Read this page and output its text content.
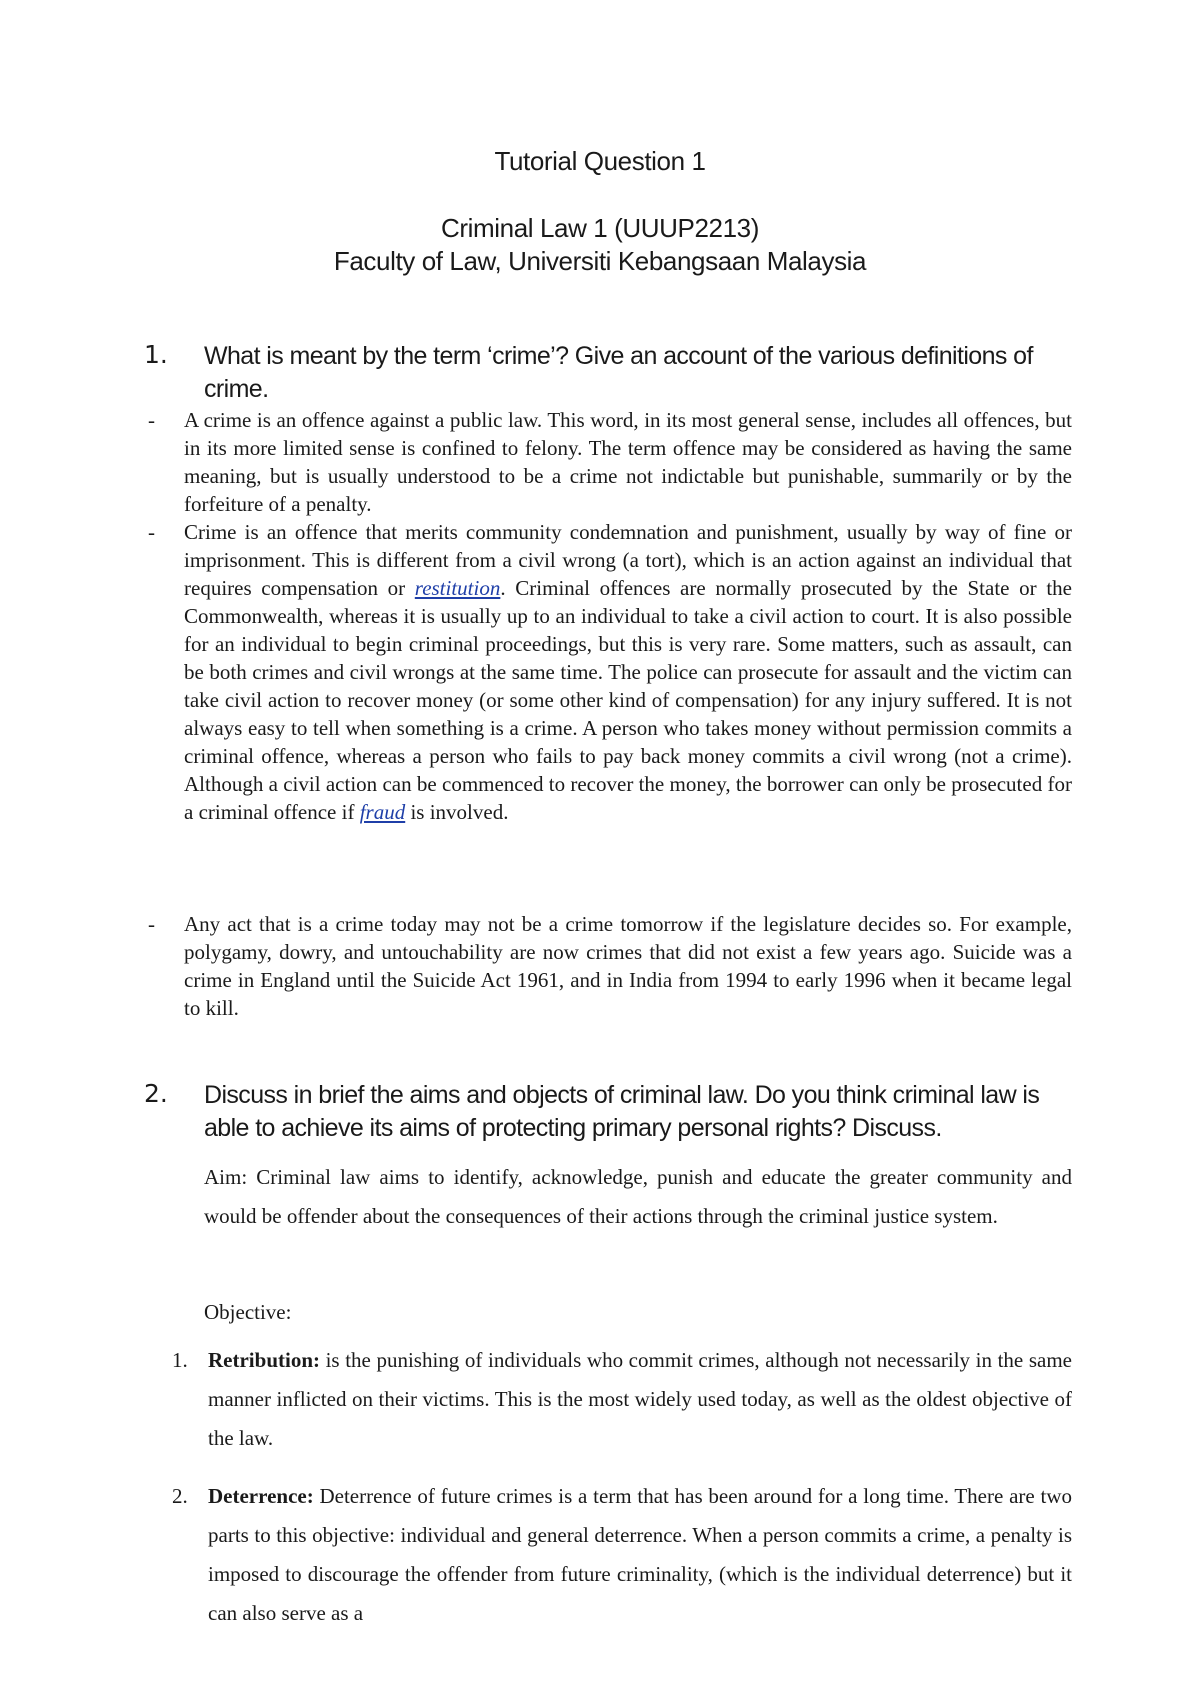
Tutorial Question 1
Criminal Law 1 (UUUP2213)
Faculty of Law, Universiti Kebangsaan Malaysia
1. What is meant by the term ‘crime’? Give an account of the various definitions of crime.
- A crime is an offence against a public law. This word, in its most general sense, includes all offences, but in its more limited sense is confined to felony. The term offence may be considered as having the same meaning, but is usually understood to be a crime not indictable but punishable, summarily or by the forfeiture of a penalty.
- Crime is an offence that merits community condemnation and punishment, usually by way of fine or imprisonment. This is different from a civil wrong (a tort), which is an action against an individual that requires compensation or restitution. Criminal offences are normally prosecuted by the State or the Commonwealth, whereas it is usually up to an individual to take a civil action to court. It is also possible for an individual to begin criminal proceedings, but this is very rare. Some matters, such as assault, can be both crimes and civil wrongs at the same time. The police can prosecute for assault and the victim can take civil action to recover money (or some other kind of compensation) for any injury suffered. It is not always easy to tell when something is a crime. A person who takes money without permission commits a criminal offence, whereas a person who fails to pay back money commits a civil wrong (not a crime). Although a civil action can be commenced to recover the money, the borrower can only be prosecuted for a criminal offence if fraud is involved.
- Any act that is a crime today may not be a crime tomorrow if the legislature decides so. For example, polygamy, dowry, and untouchability are now crimes that did not exist a few years ago. Suicide was a crime in England until the Suicide Act 1961, and in India from 1994 to early 1996 when it became legal to kill.
2. Discuss in brief the aims and objects of criminal law. Do you think criminal law is able to achieve its aims of protecting primary personal rights? Discuss.
Aim: Criminal law aims to identify, acknowledge, punish and educate the greater community and would be offender about the consequences of their actions through the criminal justice system.
Objective:
1. Retribution: is the punishing of individuals who commit crimes, although not necessarily in the same manner inflicted on their victims. This is the most widely used today, as well as the oldest objective of the law.
2. Deterrence: Deterrence of future crimes is a term that has been around for a long time. There are two parts to this objective: individual and general deterrence. When a person commits a crime, a penalty is imposed to discourage the offender from future criminality, (which is the individual deterrence) but it can also serve as a
